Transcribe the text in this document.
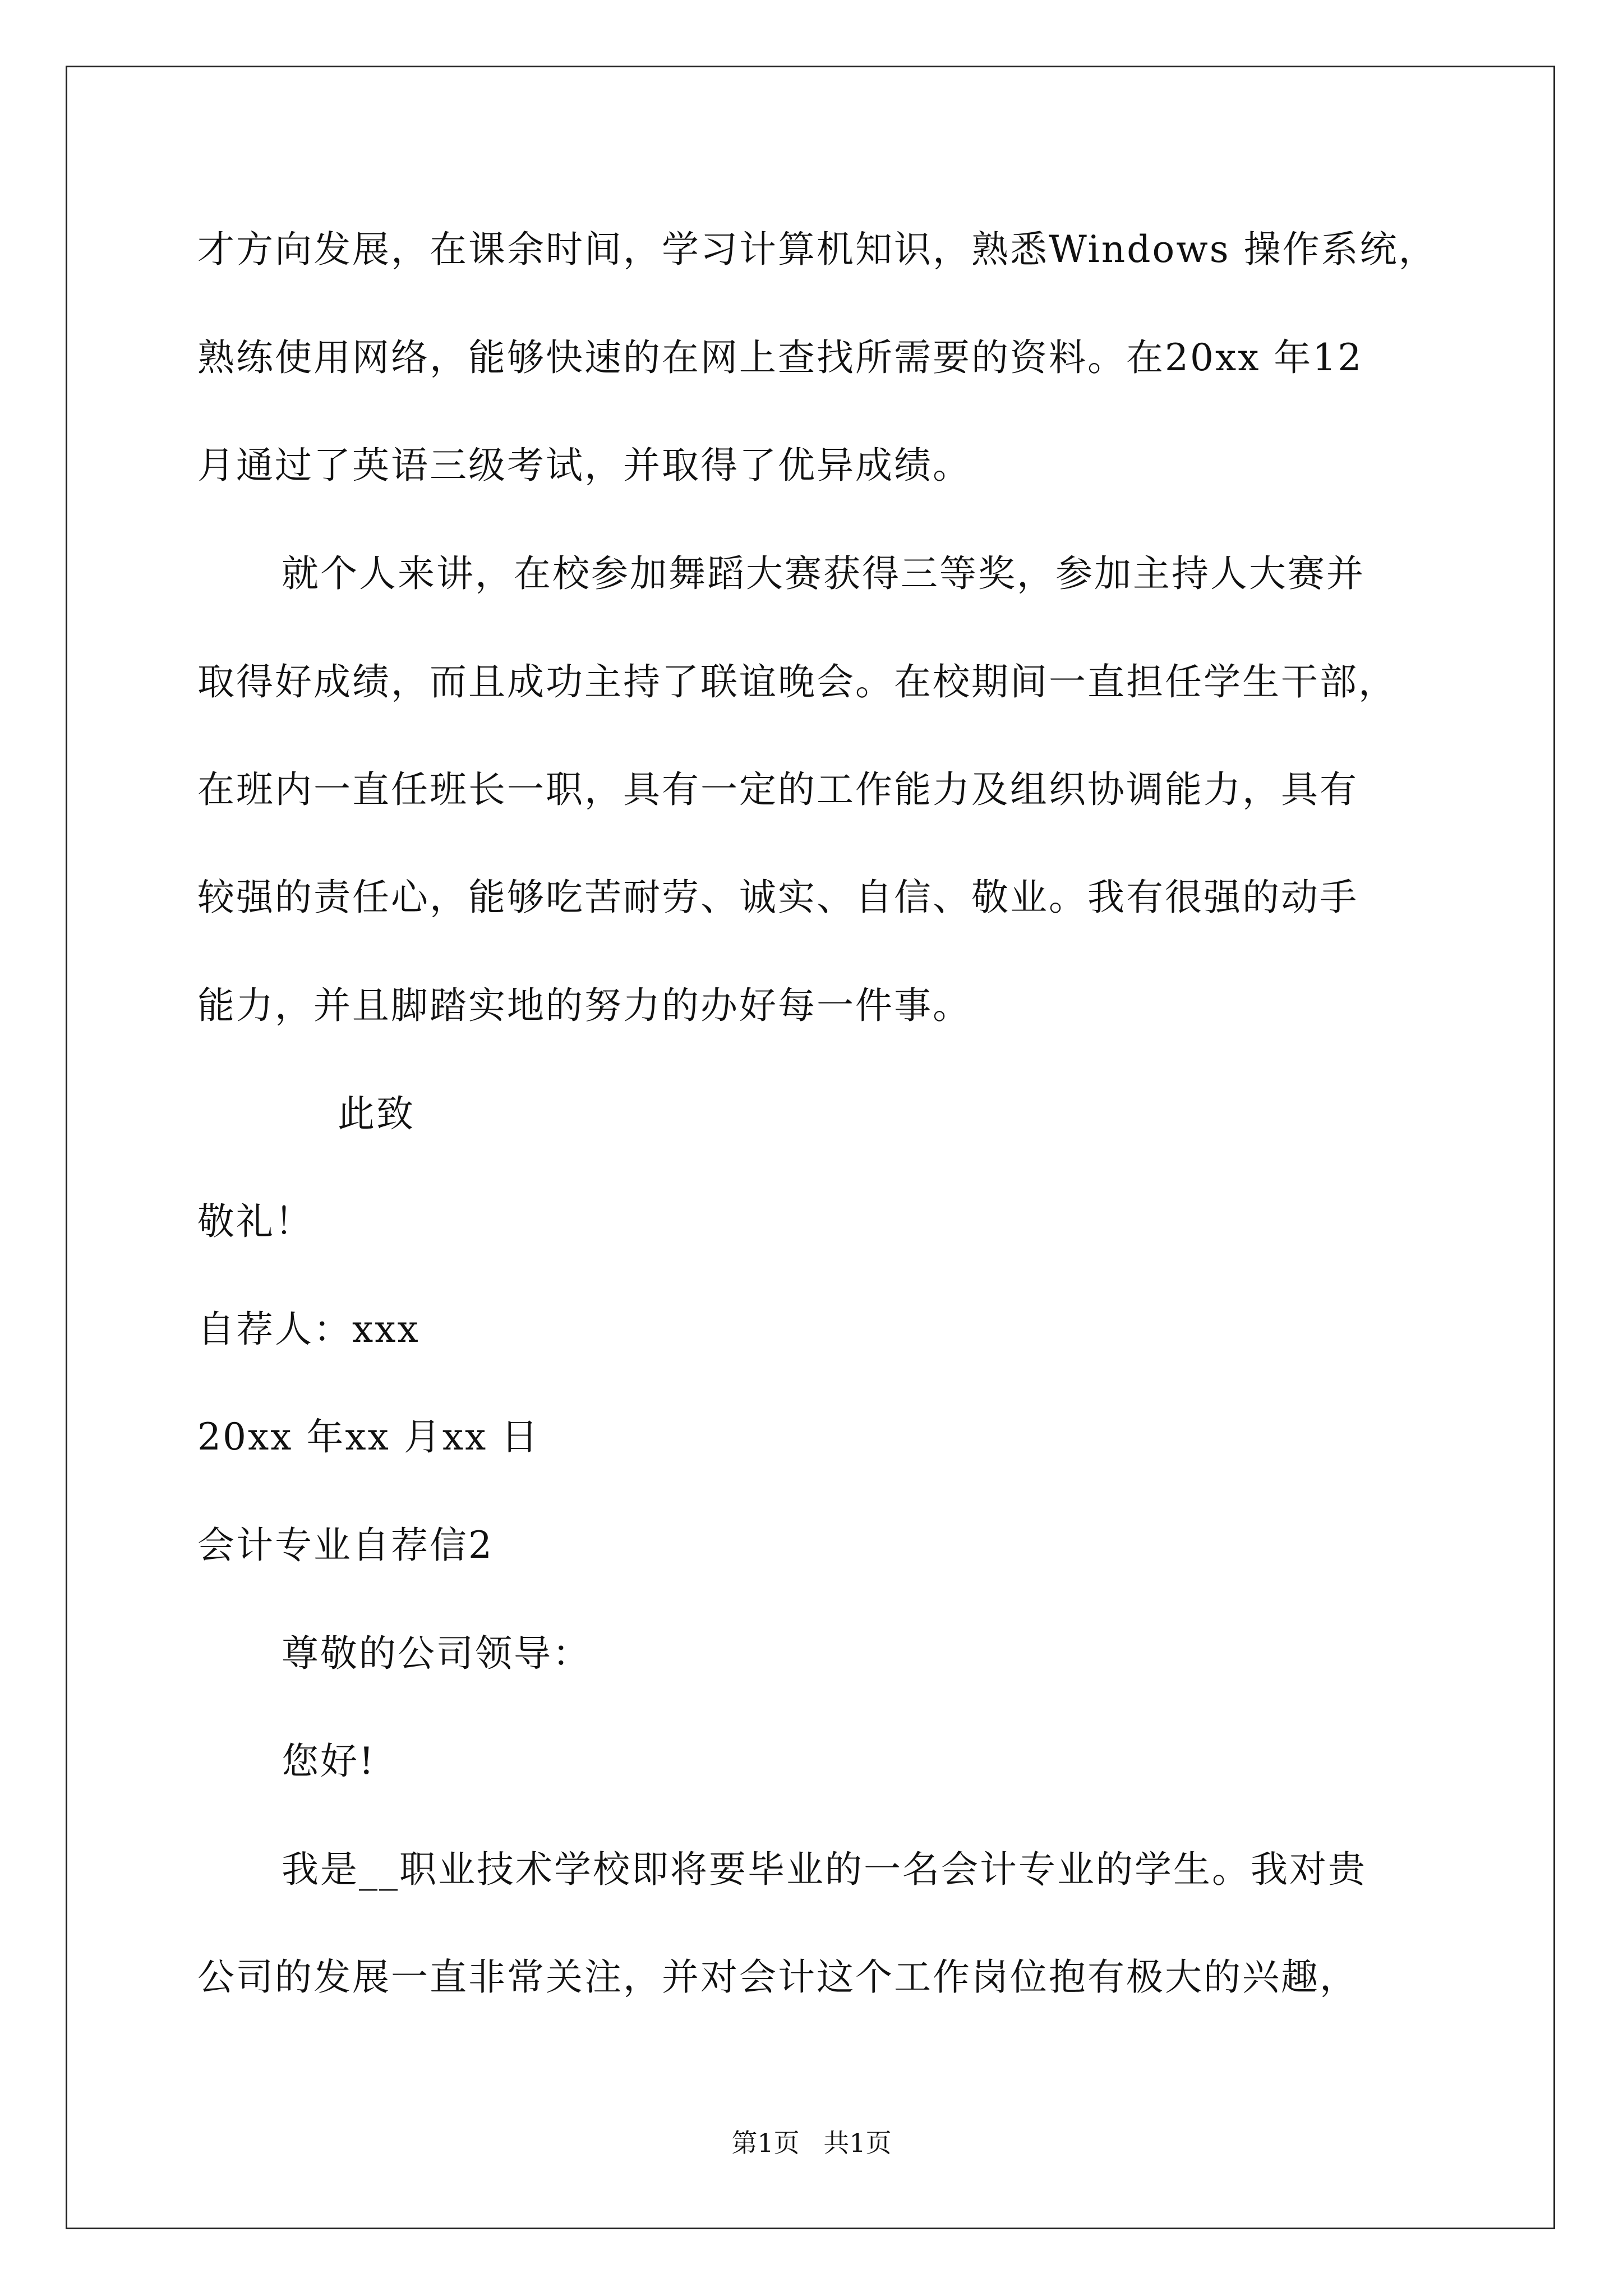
才方向发展，在课余时间，学习计算机知识，熟悉Windows 操作系统，
熟练使用网络，能够快速的在网上查找所需要的资料。在20xx 年12
月通过了英语三级考试，并取得了优异成绩。
就个人来讲，在校参加舞蹈大赛获得三等奖，参加主持人大赛并
取得好成绩，而且成功主持了联谊晚会。在校期间一直担任学生干部，
在班内一直任班长一职，具有一定的工作能力及组织协调能力，具有
较强的责任心，能够吃苦耐劳、诚实、自信、敬业。我有很强的动手
能力，并且脚踏实地的努力的办好每一件事。
此致
敬礼！
自荐人：xxx
20xx 年xx 月xx 日
会计专业自荐信2
尊敬的公司领导：
您好!
我是__职业技术学校即将要毕业的一名会计专业的学生。我对贵
公司的发展一直非常关注，并对会计这个工作岗位抱有极大的兴趣，
第1页 共1页
